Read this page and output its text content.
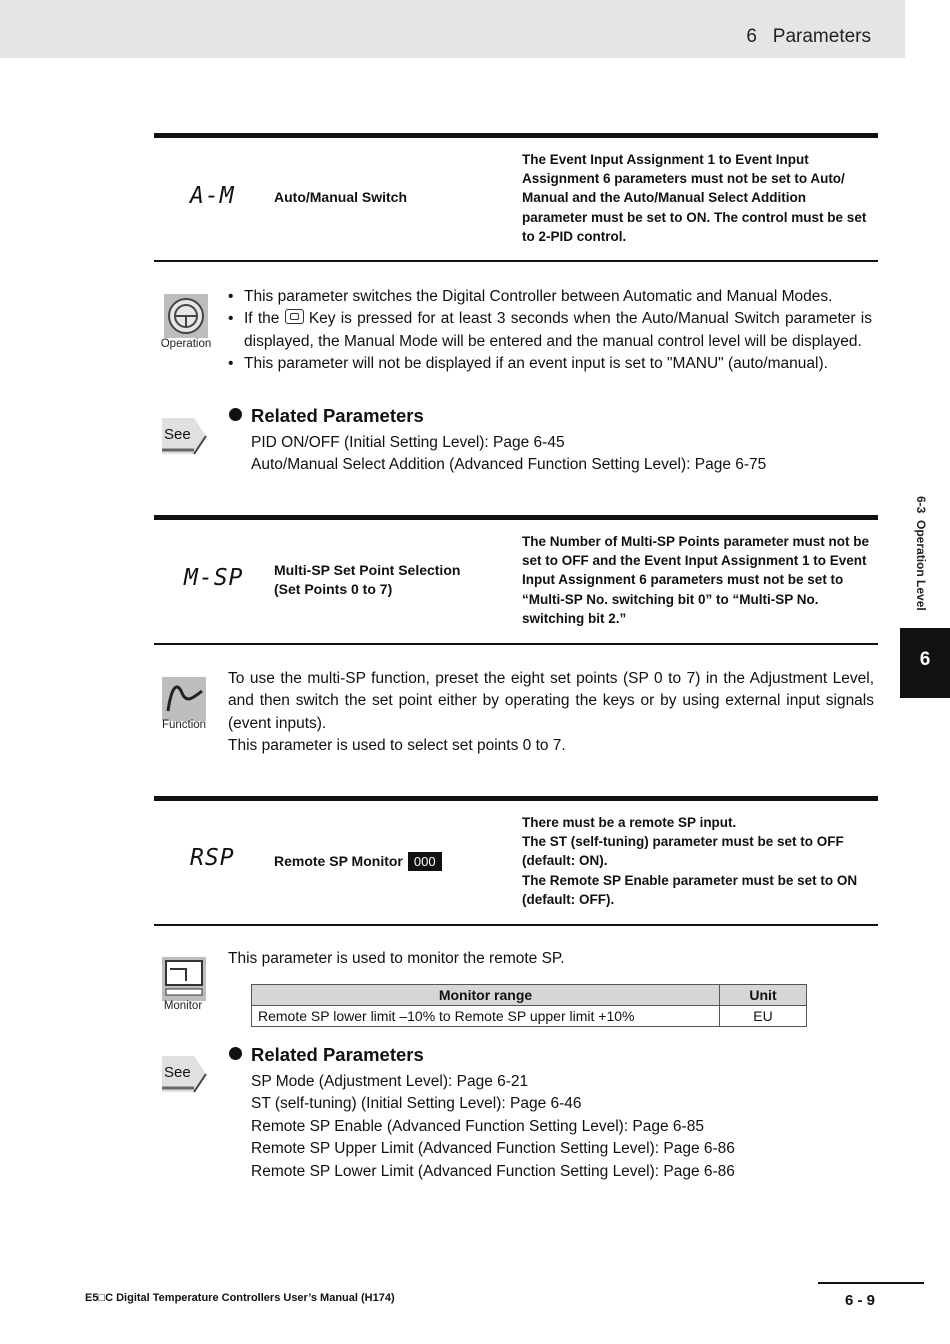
6   Parameters
6-3  Operation Level
6
A-M	Auto/Manual Switch
The Event Input Assignment 1 to Event Input Assignment 6 parameters must not be set to Auto/ Manual and the Auto/Manual Select Addition parameter must be set to ON. The control must be set to 2-PID control.
Operation
• This parameter switches the Digital Controller between Automatic and Manual Modes.
• If the Key is pressed for at least 3 seconds when the Auto/Manual Switch parameter is displayed, the Manual Mode will be entered and the manual control level will be displayed.
• This parameter will not be displayed if an event input is set to "MANU" (auto/manual).
See
Related Parameters
PID ON/OFF (Initial Setting Level): Page 6-45
Auto/Manual Select Addition (Advanced Function Setting Level): Page 6-75
M-SP Multi-SP Set Point Selection
(Set Points 0 to 7)
The Number of Multi-SP Points parameter must not be set to OFF and the Event Input Assignment 1 to Event Input Assignment 6 parameters must not be set to “Multi-SP No. switching bit 0” to “Multi-SP No. switching bit 2.”
Function
To use the multi-SP function, preset the eight set points (SP 0 to 7) in the Adjustment Level, and then switch the set point either by operating the keys or by using external input signals (event inputs).
This parameter is used to select set points 0 to 7.
RSP	Remote SP Monitor 000
There must be a remote SP input.
The ST (self-tuning) parameter must be set to OFF (default: ON).
The Remote SP Enable parameter must be set to ON (default: OFF).
Monitor
This parameter is used to monitor the remote SP.
Monitor range	Unit
Remote SP lower limit –10% to Remote SP upper limit +10%	EU
See
Related Parameters
SP Mode (Adjustment Level): Page 6-21
ST (self-tuning) (Initial Setting Level): Page 6-46
Remote SP Enable (Advanced Function Setting Level): Page 6-85
Remote SP Upper Limit (Advanced Function Setting Level): Page 6-86
Remote SP Lower Limit (Advanced Function Setting Level): Page 6-86
E5□C Digital Temperature Controllers User’s Manual (H174)	6 - 9
